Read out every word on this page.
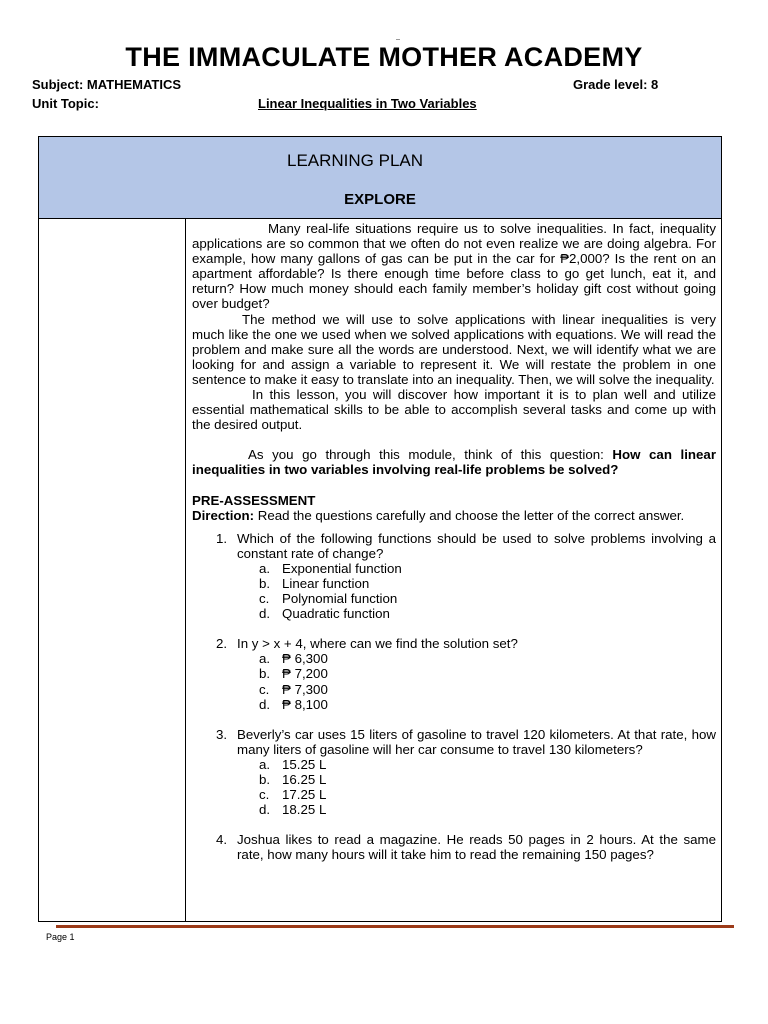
THE IMMACULATE MOTHER ACADEMY
Subject: MATHEMATICS	Grade level: 8
Unit Topic:	Linear Inequalities in Two Variables
LEARNING PLAN
EXPLORE

Many real-life situations require us to solve inequalities. In fact, inequality applications are so common that we often do not even realize we are doing algebra. For example, how many gallons of gas can be put in the car for ₱2,000? Is the rent on an apartment affordable? Is there enough time before class to go get lunch, eat it, and return? How much money should each family member’s holiday gift cost without going over budget?

The method we will use to solve applications with linear inequalities is very much like the one we used when we solved applications with equations. We will read the problem and make sure all the words are understood. Next, we will identify what we are looking for and assign a variable to represent it. We will restate the problem in one sentence to make it easy to translate into an inequality. Then, we will solve the inequality.

In this lesson, you will discover how important it is to plan well and utilize essential mathematical skills to be able to accomplish several tasks and come up with the desired output.

As you go through this module, think of this question: How can linear inequalities in two variables involving real-life problems be solved?

PRE-ASSESSMENT

Direction: Read the questions carefully and choose the letter of the correct answer.

1. Which of the following functions should be used to solve problems involving a constant rate of change?

a. Exponential function
b. Linear function
c. Polynomial function
d. Quadratic function
2. In y > x + 4, where can we find the solution set?

a. ₱ 6,300
b. ₱ 7,200
c. ₱ 7,300
d. ₱ 8,100
3. Beverly’s car uses 15 liters of gasoline to travel 120 kilometers. At that rate, how many liters of gasoline will her car consume to travel 130 kilometers?

a. 15.25 L
b. 16.25 L
c. 17.25 L
d. 18.25 L
4. Joshua likes to read a magazine. He reads 50 pages in 2 hours. At the same rate, how many hours will it take him to read the remaining 150 pages?

Page 1
